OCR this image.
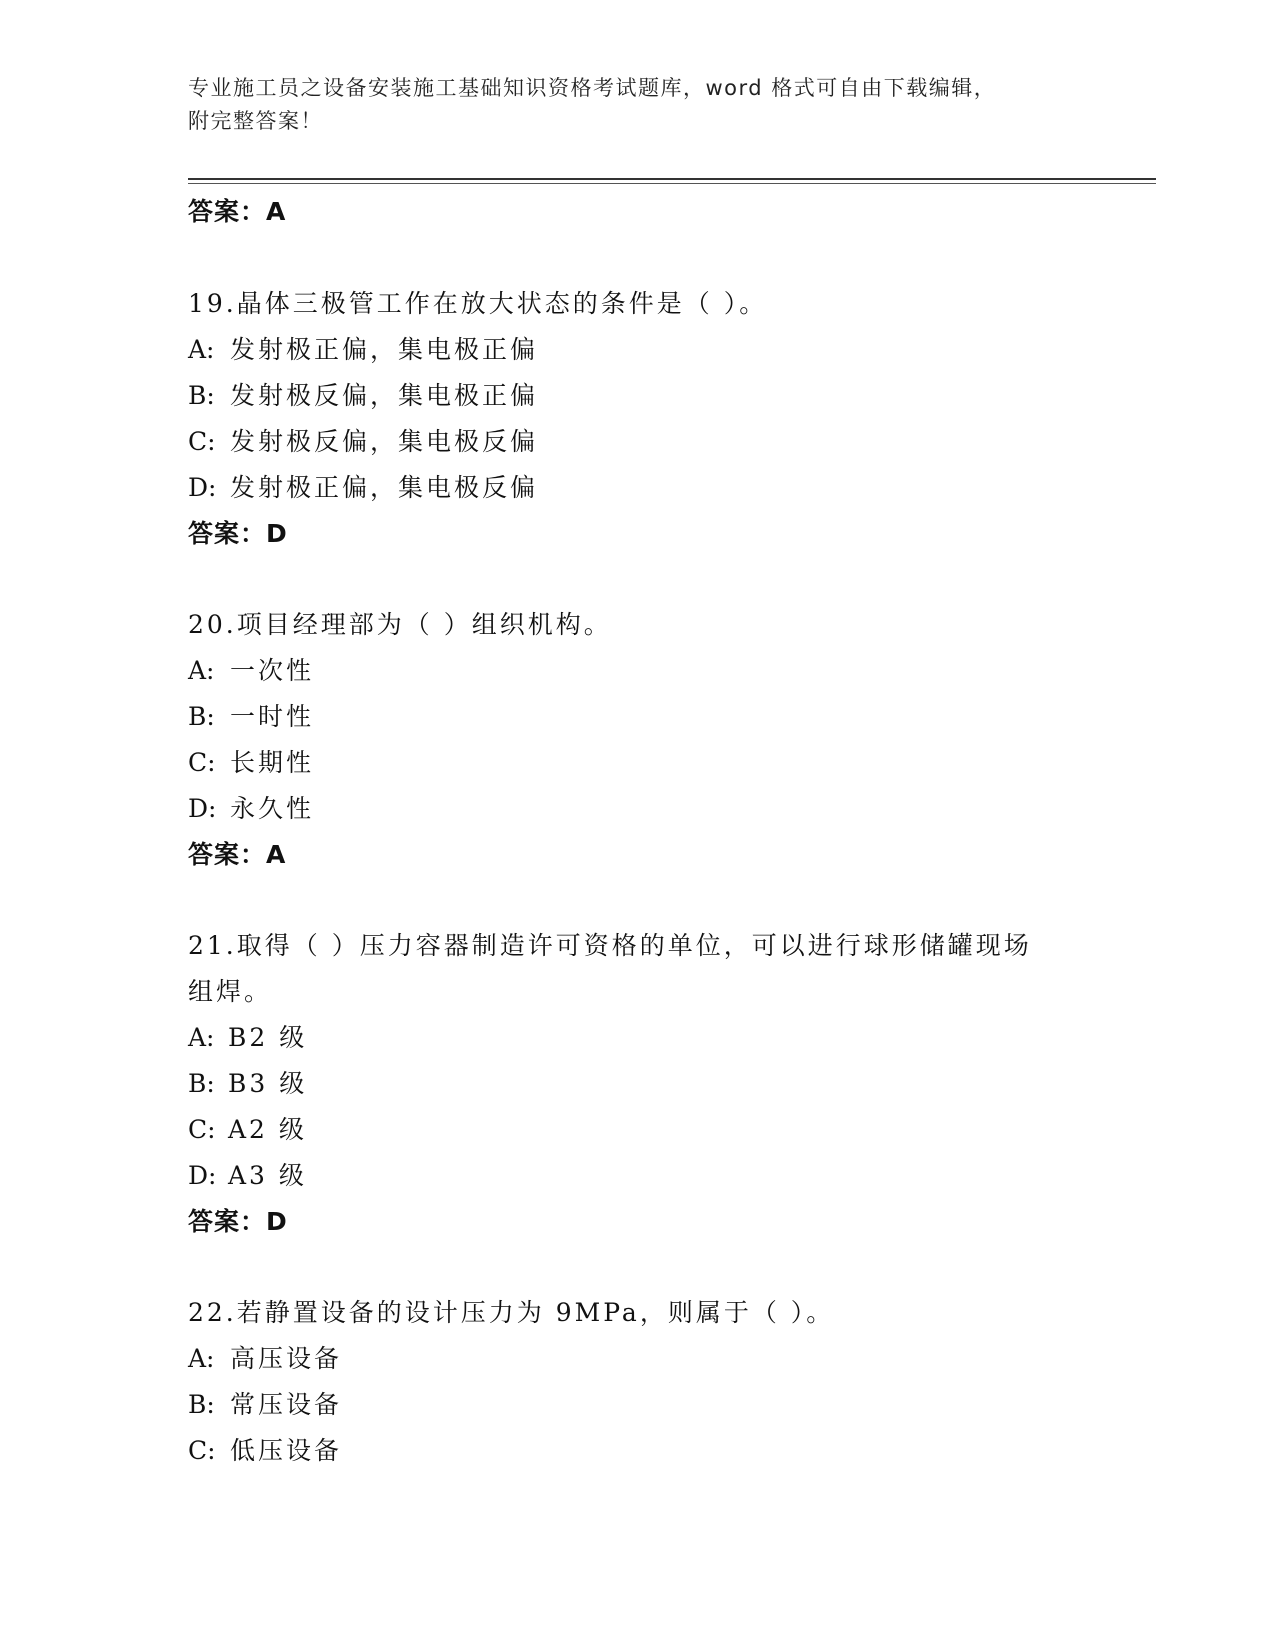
专业施工员之设备安装施工基础知识资格考试题库，word 格式可自由下载编辑，
附完整答案！
答案：A
19.晶体三极管工作在放大状态的条件是（ ）。
A: 发射极正偏，集电极正偏
B: 发射极反偏，集电极正偏
C: 发射极反偏，集电极反偏
D: 发射极正偏，集电极反偏
答案：D
20.项目经理部为（ ）组织机构。
A: 一次性
B: 一时性
C: 长期性
D: 永久性
答案：A
21.取得（ ）压力容器制造许可资格的单位，可以进行球形储罐现场
组焊。
A: B2 级
B: B3 级
C: A2 级
D: A3 级
答案：D
22.若静置设备的设计压力为 9MPa，则属于（ ）。
A: 高压设备
B: 常压设备
C: 低压设备
